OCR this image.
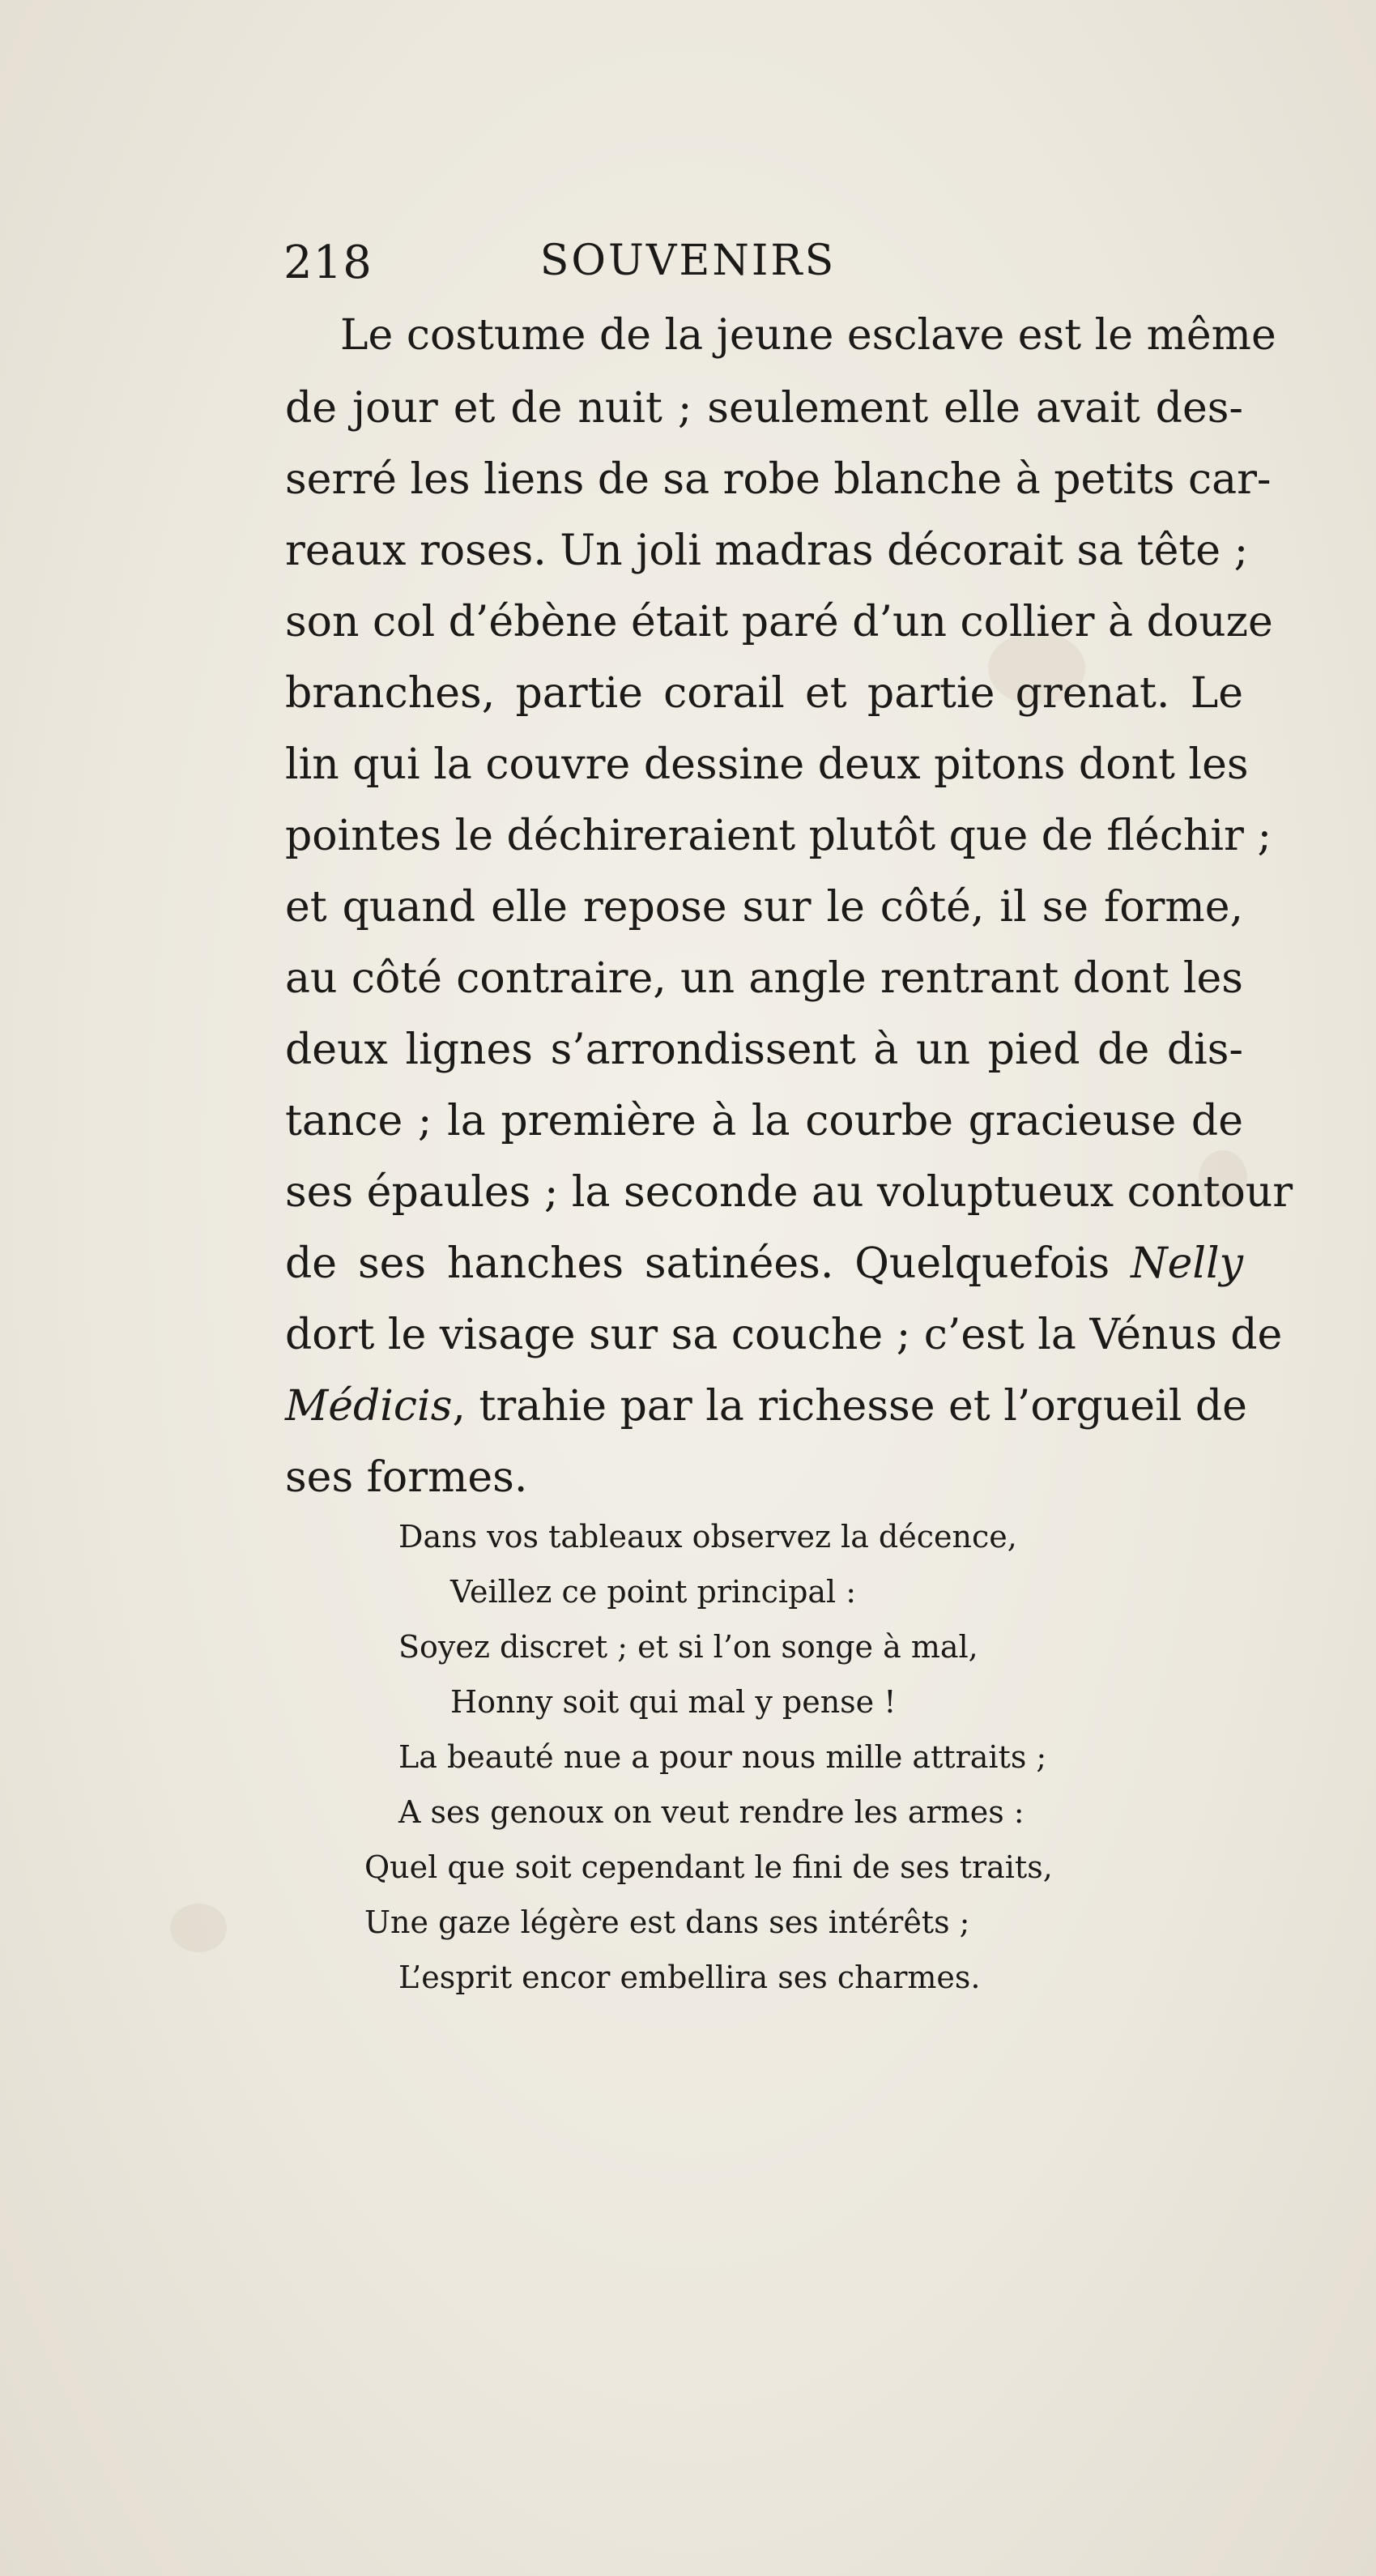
218	SOUVENIRS
Le costume de la jeune esclave est le même
de jour et de nuit ; seulement elle avait des-
serré les liens de sa robe blanche à petits car-
reaux roses. Un joli madras décorait sa tête ;
son col d’ébène était paré d’un collier à douze
branches, partie corail et partie grenat. Le
lin qui la couvre dessine deux pitons dont les
pointes le déchireraient plutôt que de fléchir ;
et quand elle repose sur le côté, il se forme,
au côté contraire, un angle rentrant dont les
deux lignes s’arrondissent à un pied de dis-
tance ; la première à la courbe gracieuse de
ses épaules ; la seconde au voluptueux contour
de ses hanches satinées. Quelquefois Nelly
dort le visage sur sa couche ; c’est la Vénus de
Médicis, trahie par la richesse et l’orgueil de
ses formes.
Dans vos tableaux observez la décence,
Veillez ce point principal :
Soyez discret ; et si l’on songe à mal,
Honny soit qui mal y pense !
La beauté nue a pour nous mille attraits ;
A ses genoux on veut rendre les armes :
Quel que soit cependant le fini de ses traits,
Une gaze légère est dans ses intérêts ;
L’esprit encor embellira ses charmes.
